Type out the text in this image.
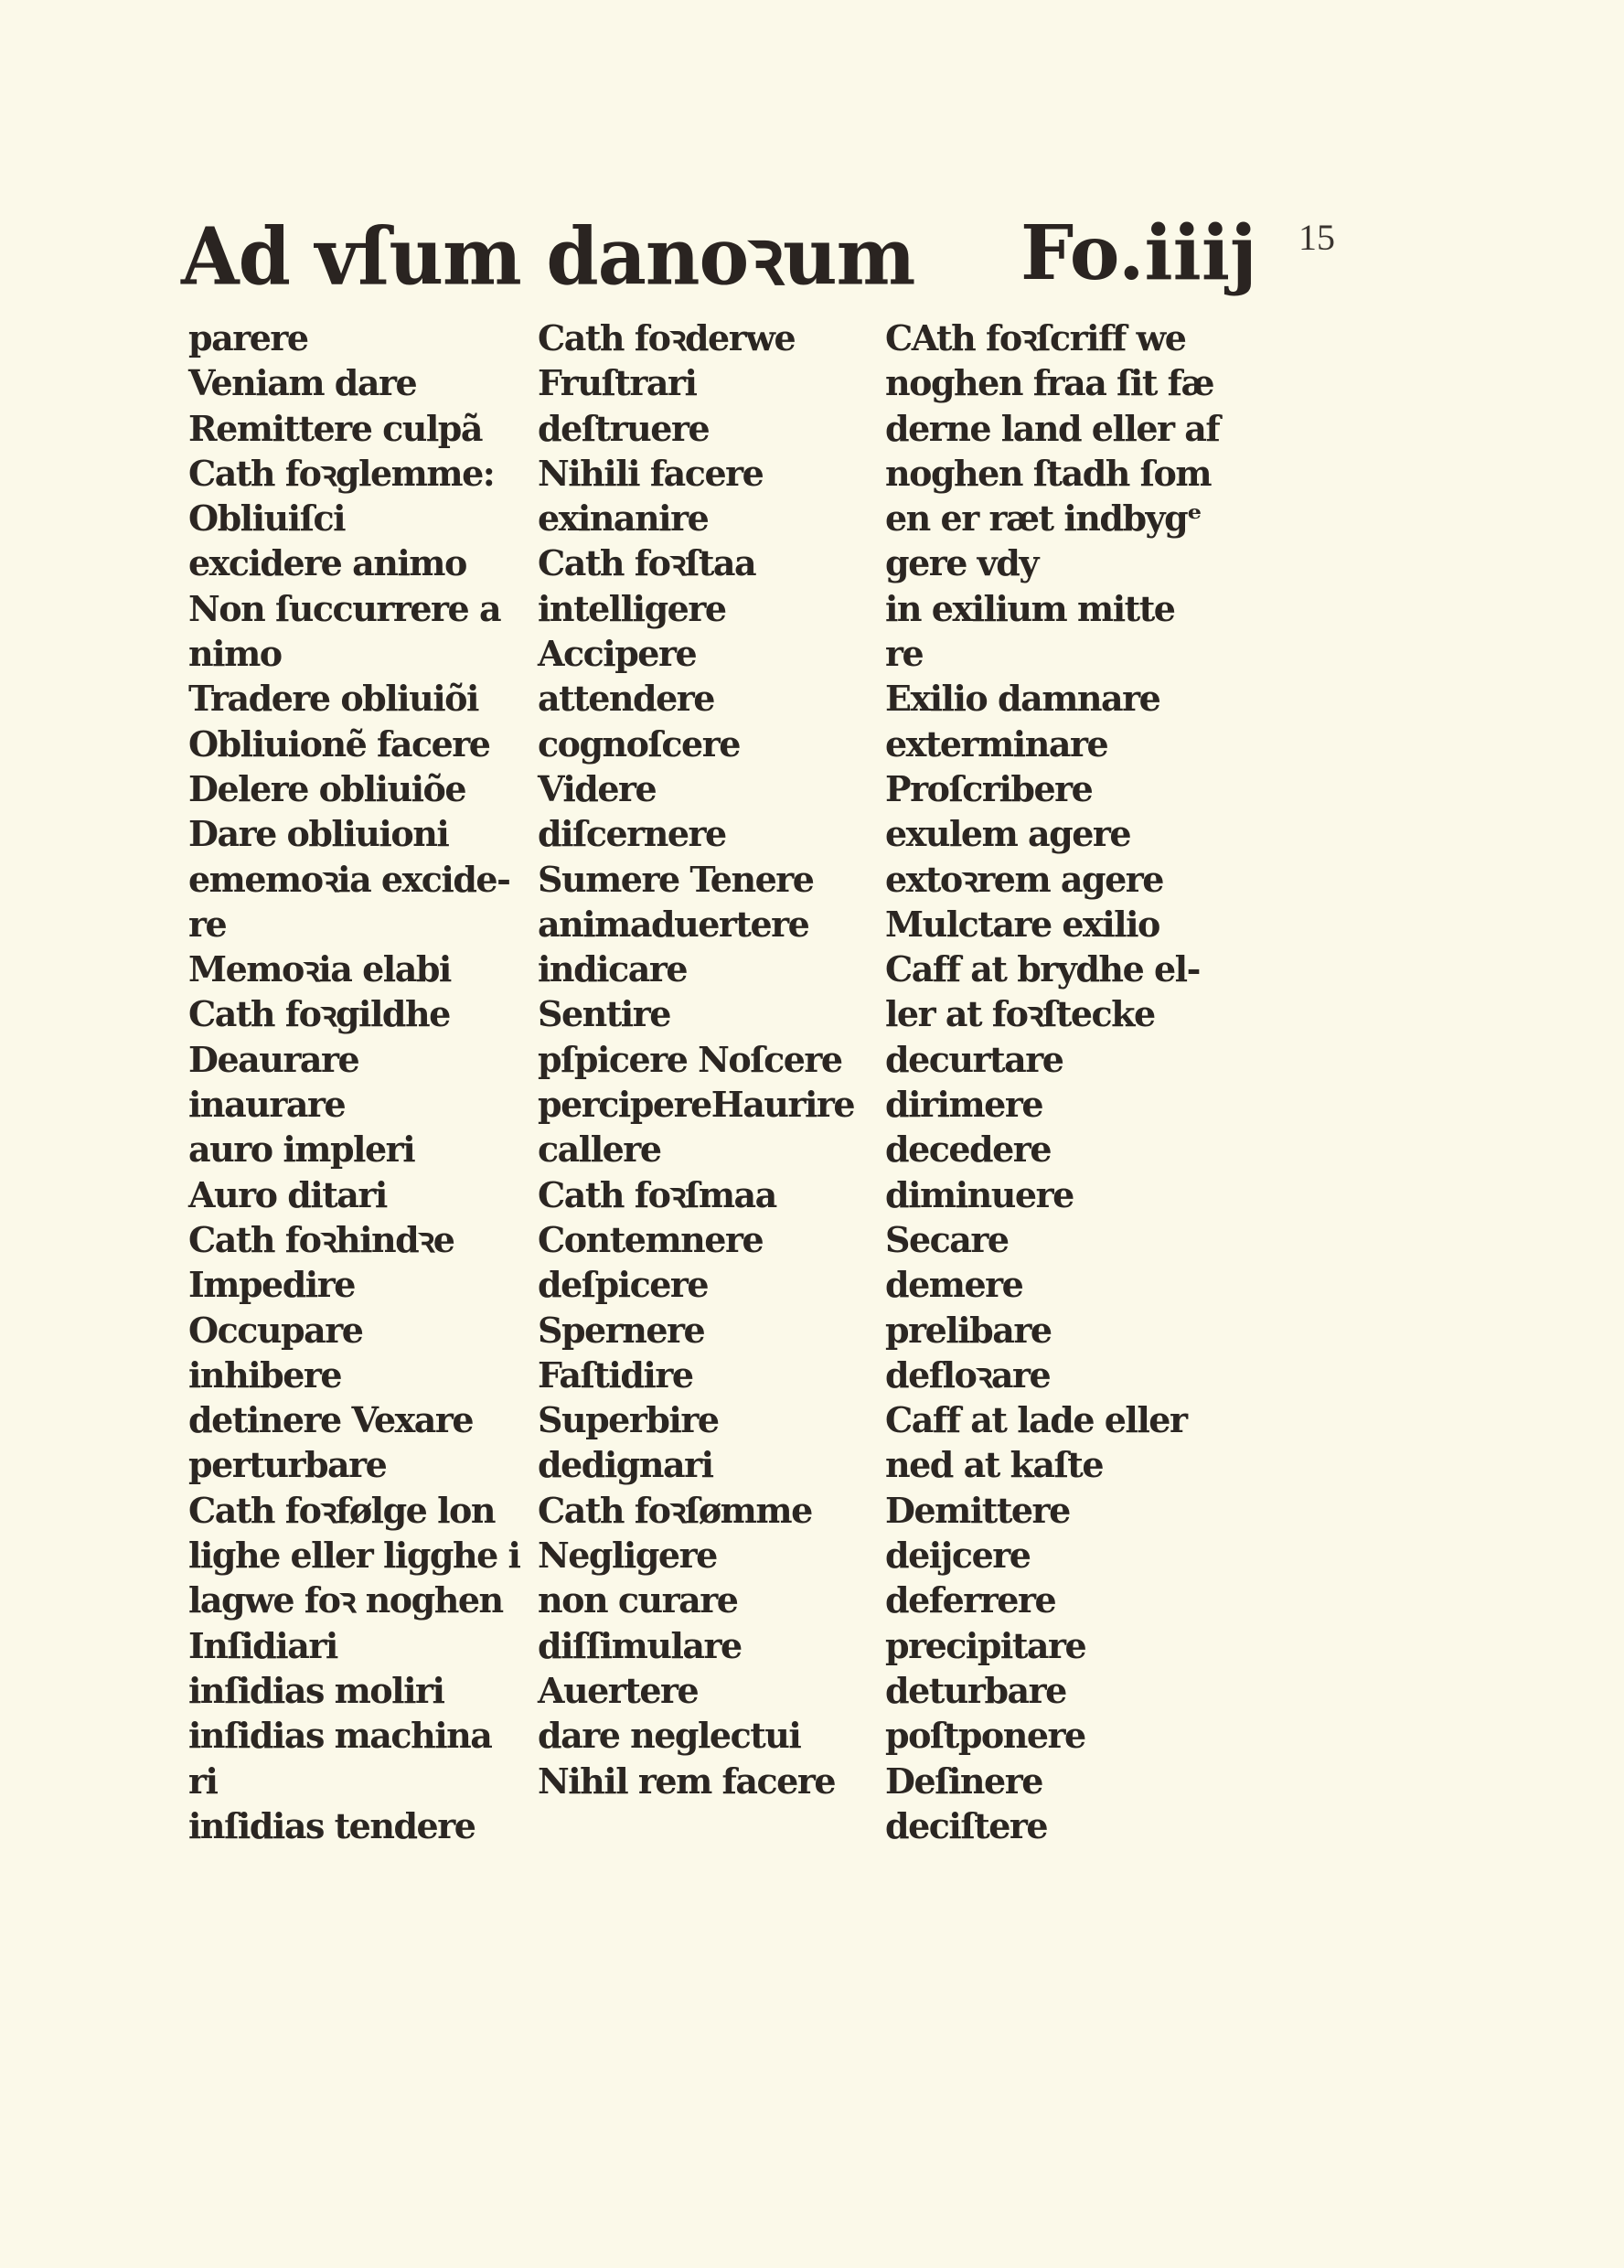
Ad vſum danoꝛum Fo.iiij 15
parere
Veniam dare
Remittere culpã
Cath foꝛglemme:
Obliuiſci
excidere animo
Non ſuccurrere a
nimo
Tradere obliuiõi
Obliuionẽ facere
Delere obliuiõe
Dare obliuioni
ememoꝛia excide-
re
Memoꝛia elabi
Cath foꝛgildhe
Deaurare
inaurare
auro impleri
Auro ditari
Cath foꝛhindꝛe
Impedire
Occupare
inhibere
detinere Vexare
perturbare
Cath foꝛfølge lon
lighe eller ligghe i
lagwe foꝛ noghen
Inſidiari
inſidias moliri
inſidias machina
ri
inſidias tendere
Cath foꝛderwe
Fruſtrari
deſtruere
Nihili facere
exinanire
Cath foꝛſtaa
intelligere
Accipere
attendere
cognoſcere
Videre
diſcernere
Sumere Tenere
animaduertere
indicare
Sentire
pſpicere Noſcere
percipereHaurire
callere
Cath foꝛſmaa
Contemnere
deſpicere
Spernere
Faſtidire
Superbire
dedignari
Cath foꝛſømme
Negligere
non curare
diſſimulare
Auertere
dare neglectui
Nihil rem facere
CAth foꝛſcriff we
noghen fraa ſit fæ
derne land eller af
noghen ſtadh ſom
en er ræt indbygᵉ
gere vdy
in exilium mitte
re
Exilio damnare
exterminare
Proſcribere
exulem agere
extoꝛrem agere
Mulctare exilio
Caff at brydhe el-
ler at foꝛſtecke
decurtare
dirimere
decedere
diminuere
Secare
demere
prelibare
defloꝛare
Caff at lade eller
ned at kaſte
Demittere
deijcere
deferrere
precipitare
deturbare
poſtponere
Deſinere
deciſtere
